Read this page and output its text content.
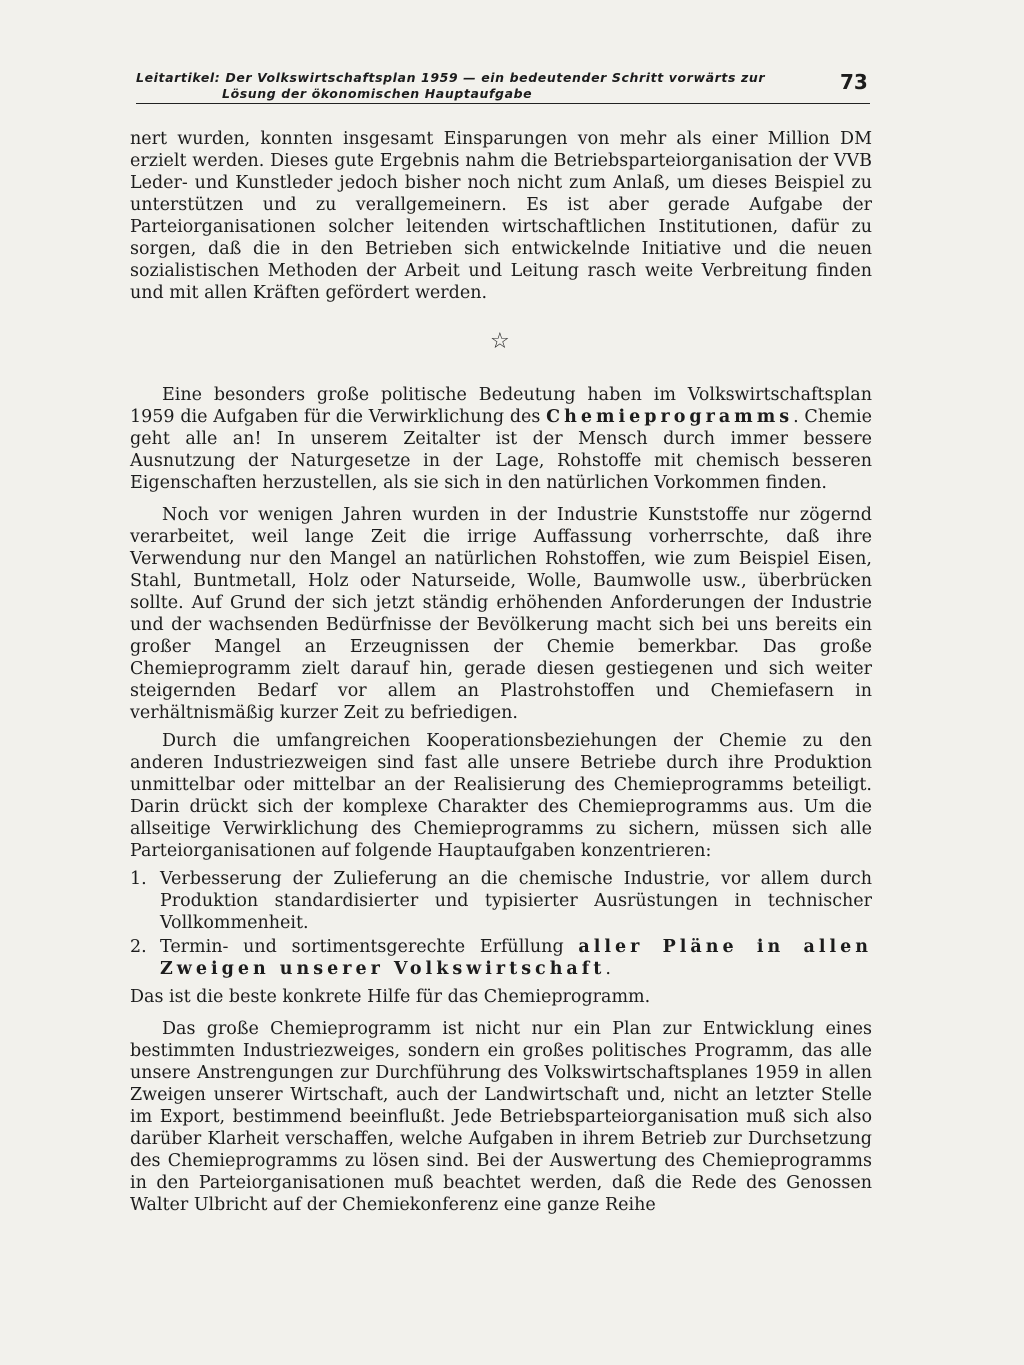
Leitartikel: Der Volkswirtschaftsplan 1959 — ein bedeutender Schritt vorwärts zur
Lösung der ökonomischen Hauptaufgabe	73

nert wurden, konnten insgesamt Einsparungen von mehr als einer Million DM erzielt werden. Dieses gute Ergebnis nahm die Betriebsparteiorganisation der VVB Leder- und Kunstleder jedoch bisher noch nicht zum Anlaß, um dieses Beispiel zu unterstützen und zu verallgemeinern. Es ist aber gerade Aufgabe der Parteiorganisationen solcher leitenden wirtschaftlichen Institutionen, dafür zu sorgen, daß die in den Betrieben sich entwickelnde Initiative und die neuen sozialistischen Methoden der Arbeit und Leitung rasch weite Verbreitung finden und mit allen Kräften gefördert werden.

☆

Eine besonders große politische Bedeutung haben im Volkswirtschaftsplan 1959 die Aufgaben für die Verwirklichung des Chemieprogramms. Chemie geht alle an! In unserem Zeitalter ist der Mensch durch immer bessere Ausnutzung der Naturgesetze in der Lage, Rohstoffe mit chemisch besseren Eigenschaften herzustellen, als sie sich in den natürlichen Vorkommen finden.

Noch vor wenigen Jahren wurden in der Industrie Kunststoffe nur zögernd verarbeitet, weil lange Zeit die irrige Auffassung vorherrschte, daß ihre Verwendung nur den Mangel an natürlichen Rohstoffen, wie zum Beispiel Eisen, Stahl, Buntmetall, Holz oder Naturseide, Wolle, Baumwolle usw., überbrücken sollte. Auf Grund der sich jetzt ständig erhöhenden Anforderungen der Industrie und der wachsenden Bedürfnisse der Bevölkerung macht sich bei uns bereits ein großer Mangel an Erzeugnissen der Chemie bemerkbar. Das große Chemieprogramm zielt darauf hin, gerade diesen gestiegenen und sich weiter steigernden Bedarf vor allem an Plastrohstoffen und Chemiefasern in verhältnismäßig kurzer Zeit zu befriedigen.

Durch die umfangreichen Kooperationsbeziehungen der Chemie zu den anderen Industriezweigen sind fast alle unsere Betriebe durch ihre Produktion unmittelbar oder mittelbar an der Realisierung des Chemieprogramms beteiligt. Darin drückt sich der komplexe Charakter des Chemieprogramms aus. Um die allseitige Verwirklichung des Chemieprogramms zu sichern, müssen sich alle Parteiorganisationen auf folgende Hauptaufgaben konzentrieren:

1. Verbesserung der Zulieferung an die chemische Industrie, vor allem durch Produktion standardisierter und typisierter Ausrüstungen in technischer Vollkommenheit.
2. Termin- und sortimentsgerechte Erfüllung aller Pläne in allen Zweigen unserer Volkswirtschaft.

Das ist die beste konkrete Hilfe für das Chemieprogramm.

Das große Chemieprogramm ist nicht nur ein Plan zur Entwicklung eines bestimmten Industriezweiges, sondern ein großes politisches Programm, das alle unsere Anstrengungen zur Durchführung des Volkswirtschaftsplanes 1959 in allen Zweigen unserer Wirtschaft, auch der Landwirtschaft und, nicht an letzter Stelle im Export, bestimmend beeinflußt. Jede Betriebsparteiorganisation muß sich also darüber Klarheit verschaffen, welche Aufgaben in ihrem Betrieb zur Durchsetzung des Chemieprogramms zu lösen sind. Bei der Auswertung des Chemieprogramms in den Parteiorganisationen muß beachtet werden, daß die Rede des Genossen Walter Ulbricht auf der Chemiekonferenz eine ganze Reihe
